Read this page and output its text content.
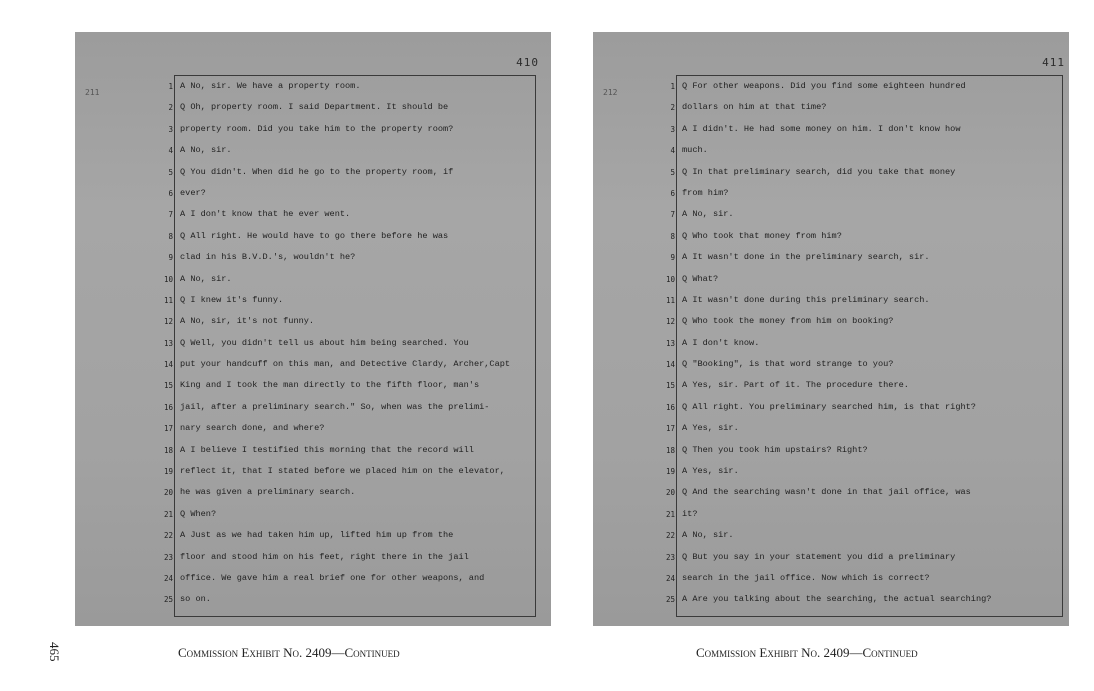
410
211
1
2
3
4
5
6
7
8
9
10
11
12
13
14
15
16
17
18
19
20
21
22
23
24
25
A No, sir. We have a property room.
Q Oh, property room. I said Department. It should be
property room. Did you take him to the property room?
A No, sir.
Q You didn't. When did he go to the property room, if
ever?
A I don't know that he ever went.
Q All right. He would have to go there before he was
clad in his B.V.D.'s, wouldn't he?
A No, sir.
Q I knew it's funny.
A No, sir, it's not funny.
Q Well, you didn't tell us about him being searched. You
put your handcuff on this man, and Detective Clardy, Archer,Capt
King and I took the man directly to the fifth floor, man's
jail, after a preliminary search." So, when was the prelimi-
nary search done, and where?
A I believe I testified this morning that the record will
reflect it, that I stated before we placed him on the elevator,
he was given a preliminary search.
Q When?
A Just as we had taken him up, lifted him up from the
floor and stood him on his feet, right there in the jail
office. We gave him a real brief one for other weapons, and
so on.
411
212
1
2
3
4
5
6
7
8
9
10
11
12
13
14
15
16
17
18
19
20
21
22
23
24
25
Q For other weapons. Did you find some eighteen hundred
dollars on him at that time?
A I didn't. He had some money on him. I don't know how
much.
Q In that preliminary search, did you take that money
from him?
A No, sir.
Q Who took that money from him?
A It wasn't done in the preliminary search, sir.
Q What?
A It wasn't done during this preliminary search.
Q Who took the money from him on booking?
A I don't know.
Q "Booking", is that word strange to you?
A Yes, sir. Part of it. The procedure there.
Q All right. You preliminary searched him, is that right?
A Yes, sir.
Q Then you took him upstairs? Right?
A Yes, sir.
Q And the searching wasn't done in that jail office, was
it?
A No, sir.
Q But you say in your statement you did a preliminary
search in the jail office. Now which is correct?
A Are you talking about the searching, the actual searching?
Commission Exhibit No. 2409—Continued	Commission Exhibit No. 2409—Continued
465
